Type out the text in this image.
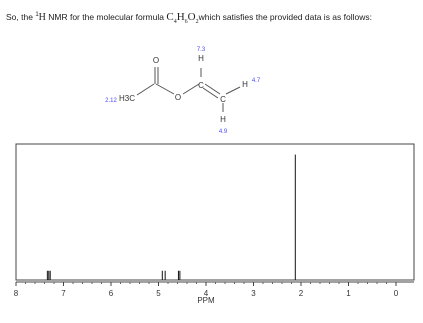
So, the $^1$H NMR for the molecular formula $C_4H_6O_2which$ satisfies the provided data is as follows:
O
O
C
C
H
H
H
H3C
7.3
4.7
4.9
2.12
8	7	6	5	4	3	2	1	0
PPM
